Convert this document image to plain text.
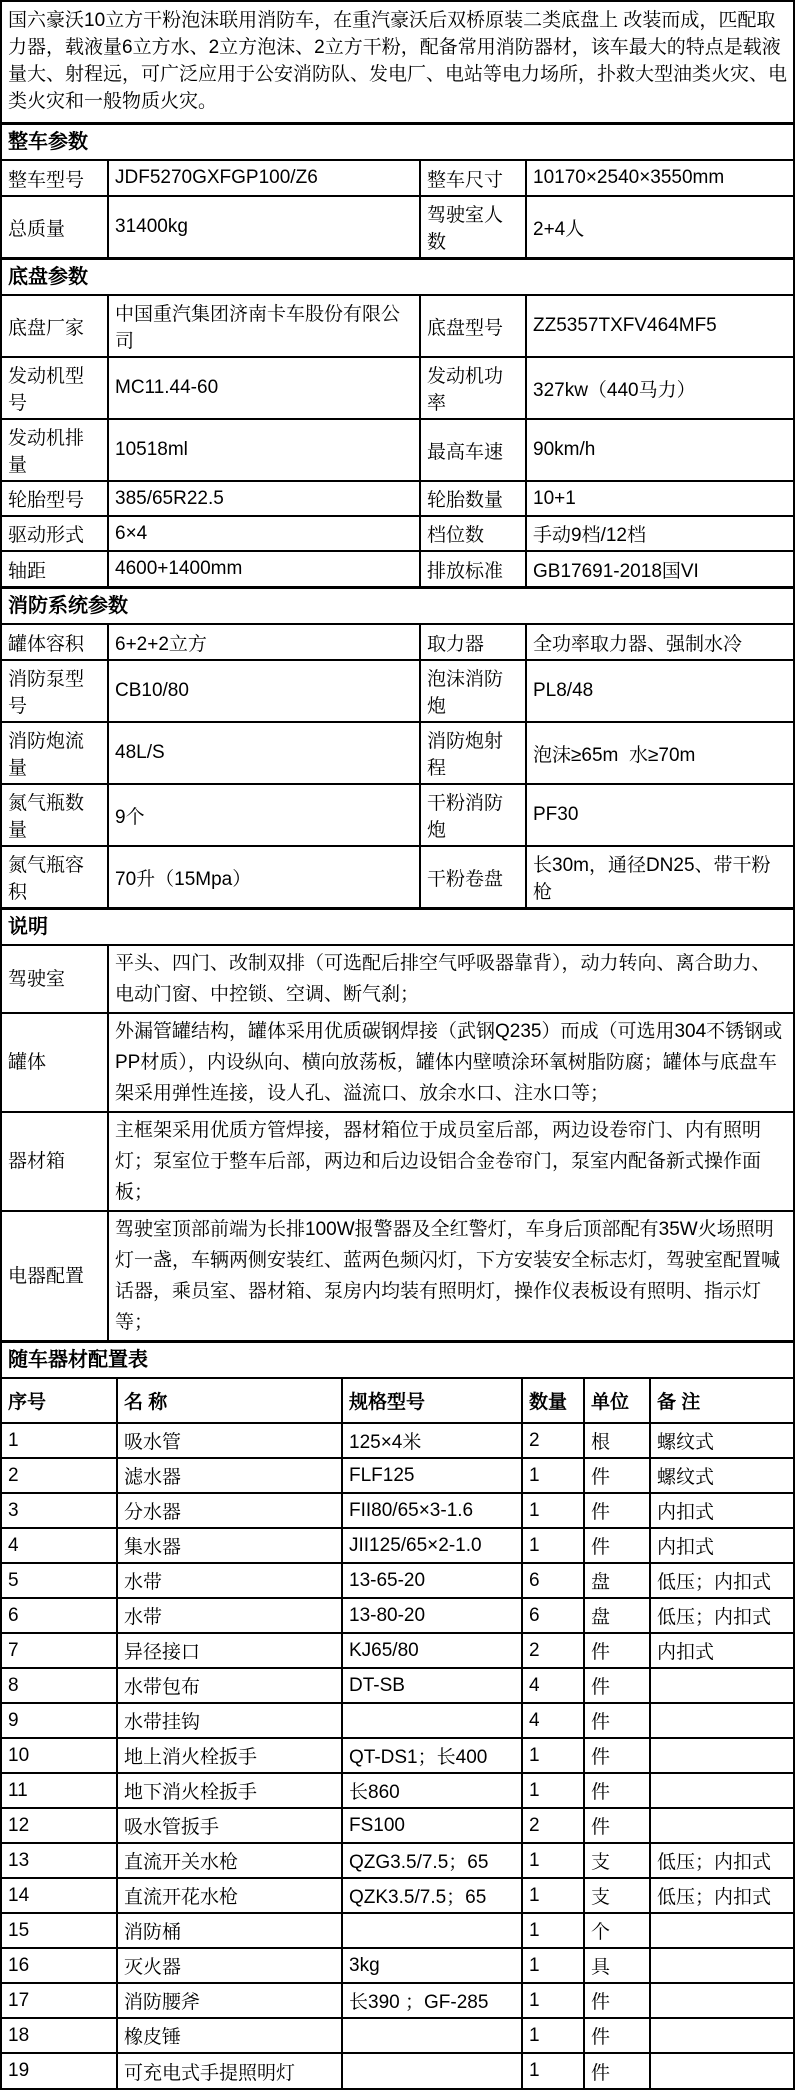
国六豪沃10立方干粉泡沫联用消防车，在重汽豪沃后双桥原装二类底盘上 改装而成，匹配取力器，载液量6立方水、2立方泡沫、2立方干粉，配备常用消防器材，该车最大的特点是载液量大、射程远，可广泛应用于公安消防队、发电厂、电站等电力场所，扑救大型油类火灾、电类火灾和一般物质火灾。
整车参数
整车型号	JDF5270GXFGP100/Z6	整车尺寸	10170×2540×3550mm
总质量	31400kg	驾驶室人数	2+4人
底盘参数
底盘厂家	中国重汽集团济南卡车股份有限公司	底盘型号	ZZ5357TXFV464MF5
发动机型号	MC11.44-60	发动机功率	327kw（440马力）
发动机排量	10518ml	最高车速	90km/h
轮胎型号	385/65R22.5	轮胎数量	10+1
驱动形式	6×4	档位数	手动9档/12档
轴距	4600+1400mm	排放标准	GB17691-2018国VI
消防系统参数
罐体容积	6+2+2立方	取力器	全功率取力器、强制水冷
消防泵型号	CB10/80	泡沫消防炮	PL8/48
消防炮流量	48L/S	消防炮射程	泡沫≥65m  水≥70m
氮气瓶数量	9个	干粉消防炮	PF30
氮气瓶容积	70升（15Mpa）	干粉卷盘	长30m，通径DN25、带干粉枪
说明
驾驶室	平头、四门、改制双排（可选配后排空气呼吸器靠背），动力转向、离合助力、电动门窗、中控锁、空调、断气刹；
罐体	外漏管罐结构，罐体采用优质碳钢焊接（武钢Q235）而成（可选用304不锈钢或PP材质），内设纵向、横向放荡板，罐体内壁喷涂环氧树脂防腐；罐体与底盘车架采用弹性连接，设人孔、溢流口、放余水口、注水口等；
器材箱	主框架采用优质方管焊接，器材箱位于成员室后部，两边设卷帘门、内有照明灯；泵室位于整车后部，两边和后边设铝合金卷帘门，泵室内配备新式操作面板；
电器配置	驾驶室顶部前端为长排100W报警器及全红警灯，车身后顶部配有35W火场照明灯一盏，车辆两侧安装红、蓝两色频闪灯，下方安装安全标志灯，驾驶室配置喊话器，乘员室、器材箱、泵房内均装有照明灯，操作仪表板设有照明、指示灯等；
随车器材配置表
序号	名 称	规格型号	数量	单位	备 注
1	吸水管	125×4米	2	根	螺纹式
2	滤水器	FLF125	1	件	螺纹式
3	分水器	FII80/65×3-1.6	1	件	内扣式
4	集水器	JII125/65×2-1.0	1	件	内扣式
5	水带	13-65-20	6	盘	低压；内扣式
6	水带	13-80-20	6	盘	低压；内扣式
7	异径接口	KJ65/80	2	件	内扣式
8	水带包布	DT-SB	4	件	
9	水带挂钩		4	件	
10	地上消火栓扳手	QT-DS1；长400	1	件	
11	地下消火栓扳手	长860	1	件	
12	吸水管扳手	FS100	2	件	
13	直流开关水枪	QZG3.5/7.5；65	1	支	低压；内扣式
14	直流开花水枪	QZK3.5/7.5；65	1	支	低压；内扣式
15	消防桶		1	个	
16	灭火器	3kg	1	具	
17	消防腰斧	长390 ；GF-285	1	件	
18	橡皮锤		1	件	
19	可充电式手提照明灯		1	件	
